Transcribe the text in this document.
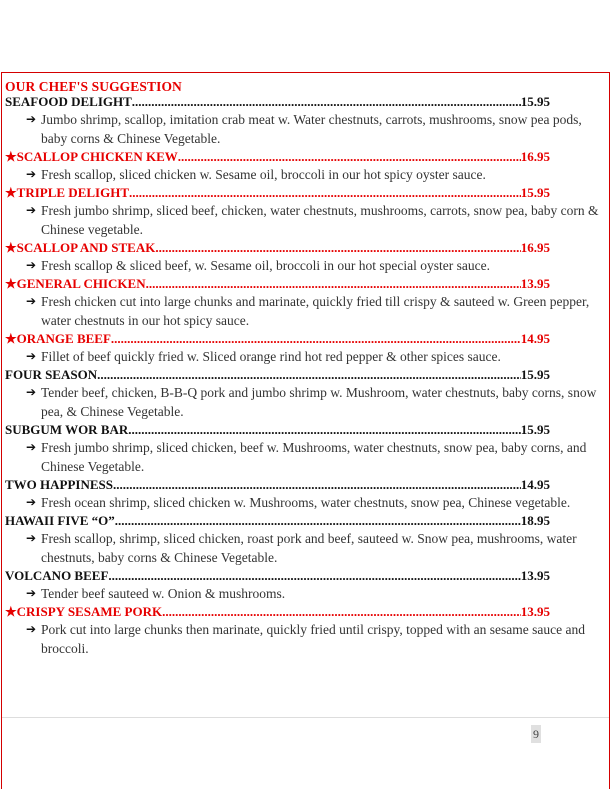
OUR CHEF'S SUGGESTION
SEAFOOD DELIGHT .....	15.95
➔ Jumbo shrimp, scallop, imitation crab meat w. Water chestnuts, carrots, mushrooms, snow pea pods, baby corns & Chinese Vegetable.
★SCALLOP CHICKEN KEW .....	16.95
➔ Fresh scallop, sliced chicken w. Sesame oil, broccoli in our hot spicy oyster sauce.
★TRIPLE DELIGHT .....	15.95
➔ Fresh jumbo shrimp, sliced beef, chicken, water chestnuts, mushrooms, carrots, snow pea, baby corn & Chinese vegetable.
★SCALLOP AND STEAK .....	16.95
➔ Fresh scallop & sliced beef, w. Sesame oil, broccoli in our hot special oyster sauce.
★GENERAL CHICKEN .....	13.95
➔ Fresh chicken cut into large chunks and marinate, quickly fried till crispy & sauteed w. Green pepper, water chestnuts in our hot spicy sauce.
★ORANGE BEEF .....	14.95
➔ Fillet of beef quickly fried w. Sliced orange rind hot red pepper & other spices sauce.
FOUR SEASON .....	15.95
➔ Tender beef, chicken, B-B-Q pork and jumbo shrimp w. Mushroom, water chestnuts, baby corns, snow pea, & Chinese Vegetable.
SUBGUM WOR BAR .....	15.95
➔ Fresh jumbo shrimp, sliced chicken, beef w. Mushrooms, water chestnuts, snow pea, baby corns, and Chinese Vegetable.
TWO HAPPINESS .....	14.95
➔ Fresh ocean shrimp, sliced chicken w. Mushrooms, water chestnuts, snow pea, Chinese vegetable.
HAWAII FIVE “O” .....	18.95
➔ Fresh scallop, shrimp, sliced chicken, roast pork and beef, sauteed w. Snow pea, mushrooms, water chestnuts, baby corns & Chinese Vegetable.
VOLCANO BEEF .....	13.95
➔ Tender beef sauteed w. Onion & mushrooms.
★CRISPY SESAME PORK .....	13.95
➔ Pork cut into large chunks then marinate, quickly fried until crispy, topped with an sesame sauce and broccoli.
9
